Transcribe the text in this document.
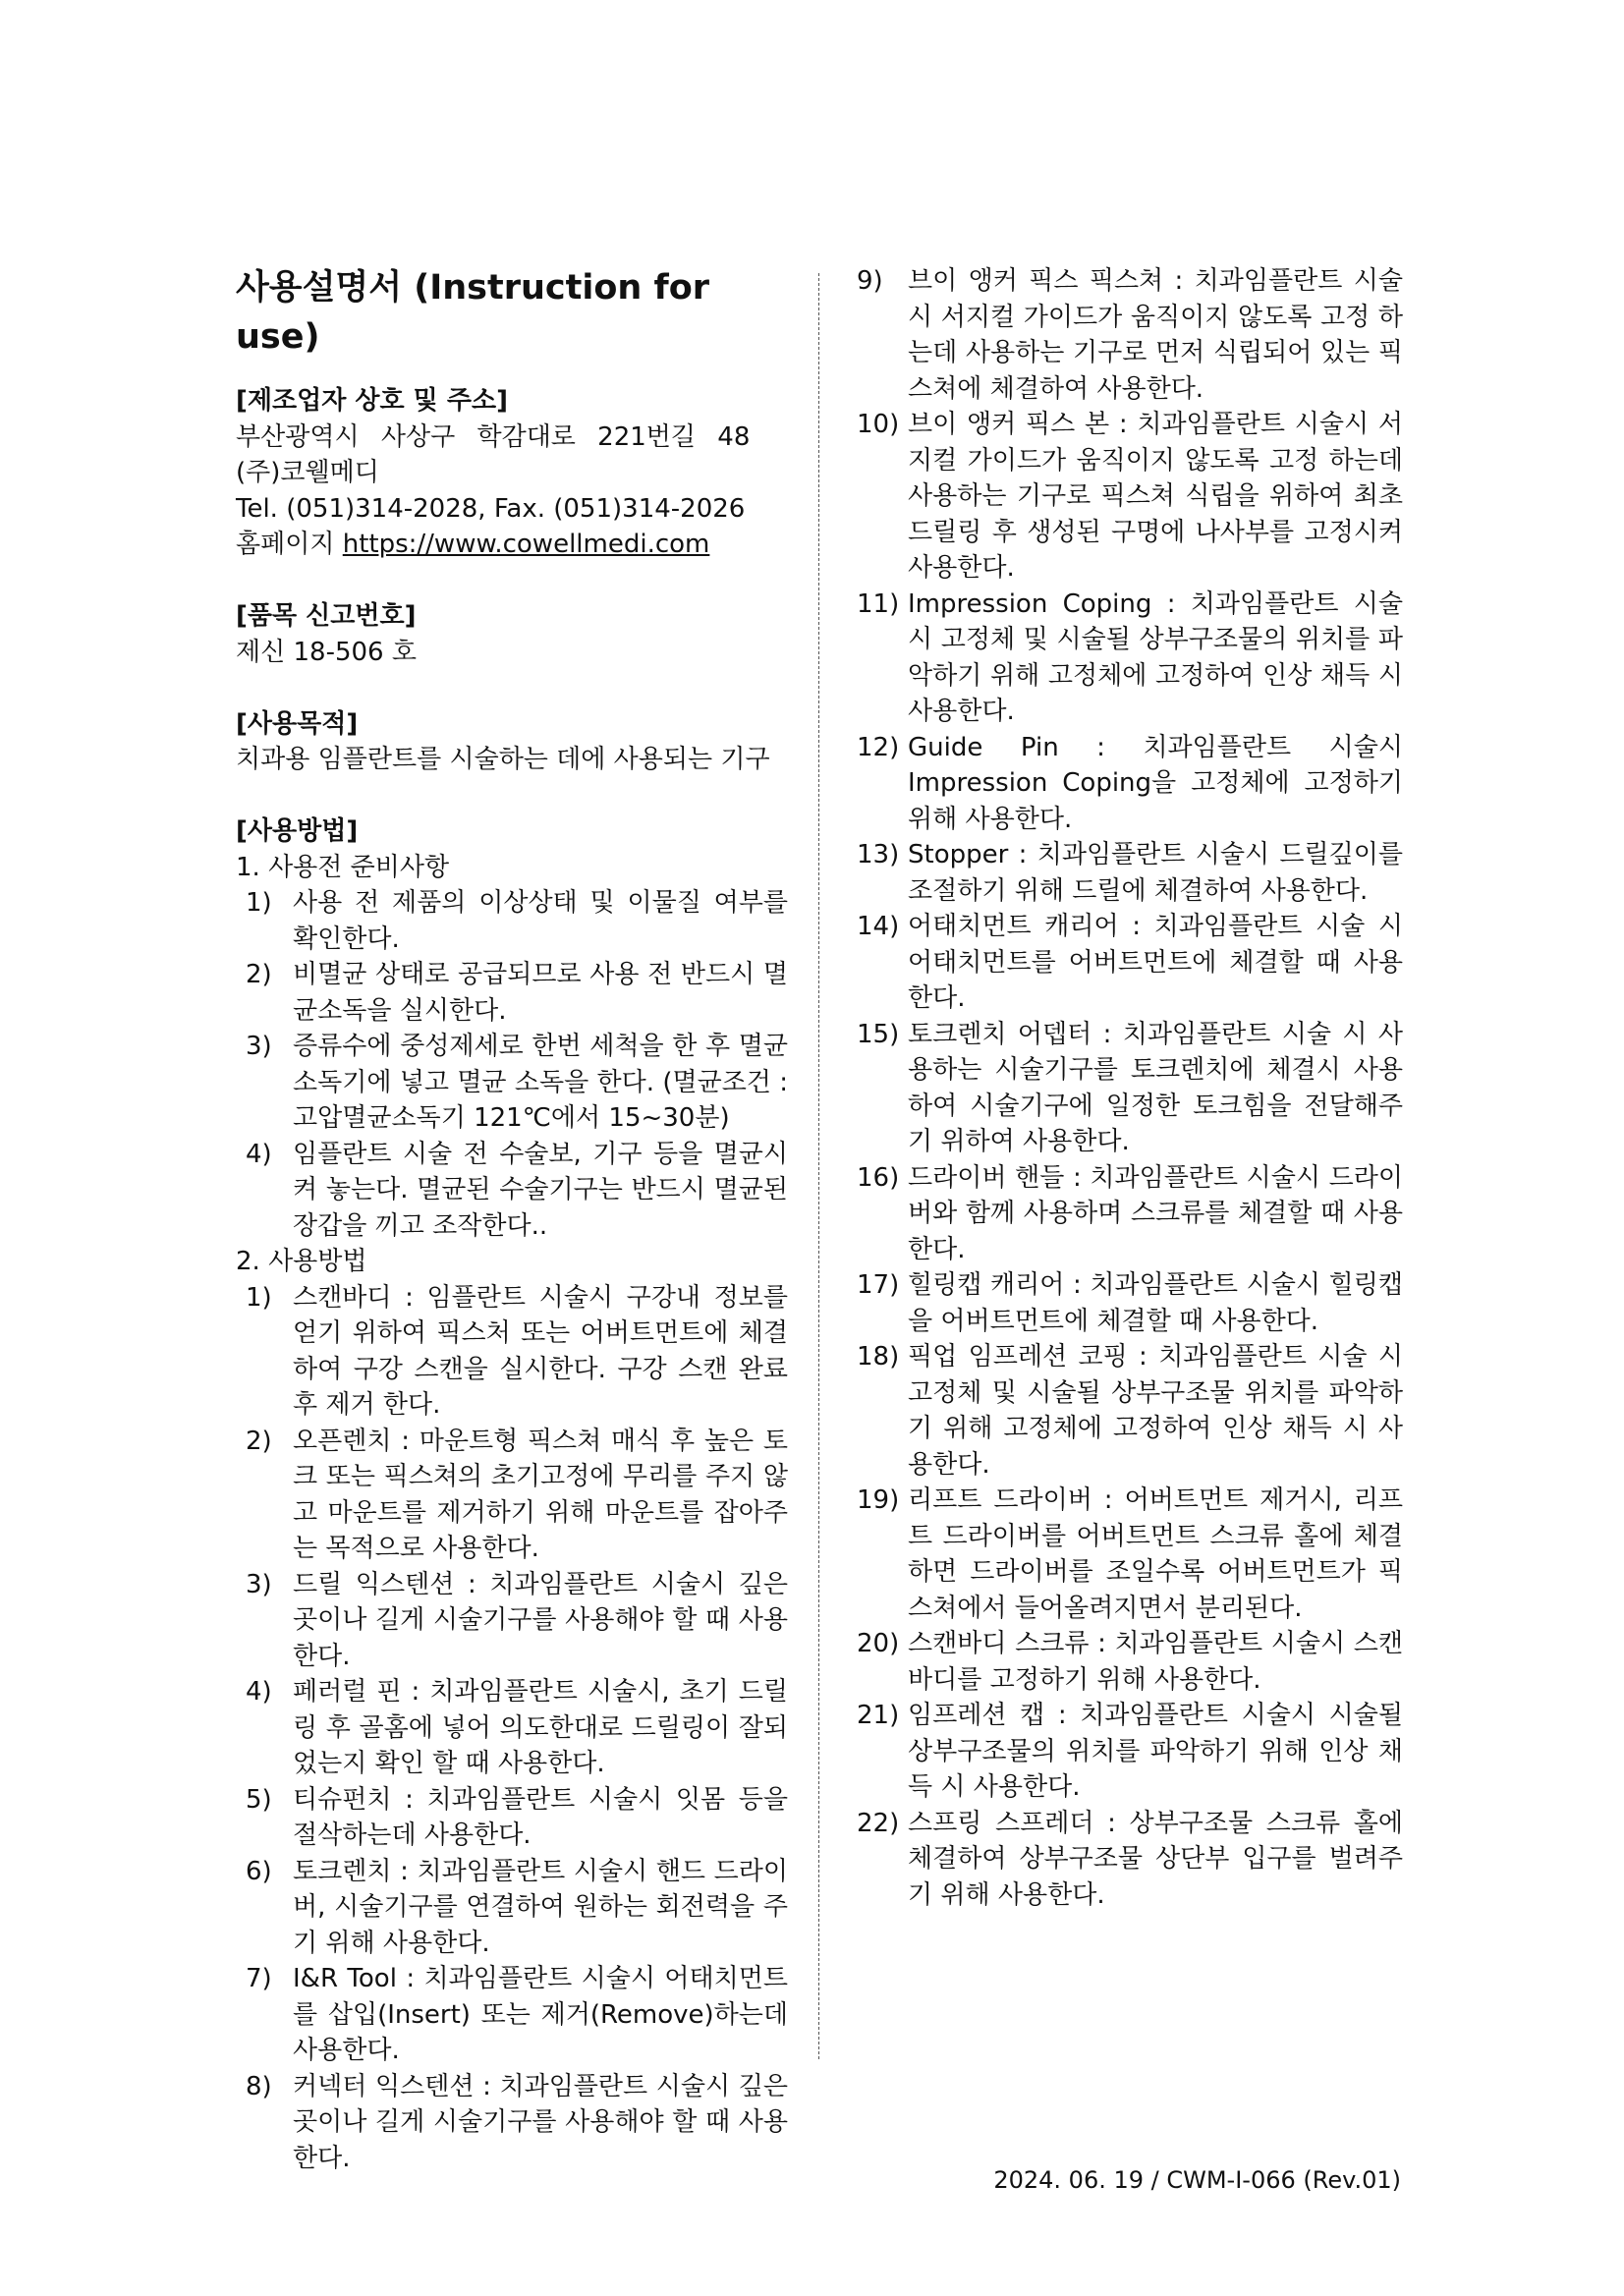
사용설명서 (Instruction for use)
[제조업자 상호 및 주소]
부산광역시 사상구 학감대로 221번길 48
(주)코웰메디
Tel. (051)314-2028, Fax. (051)314-2026
홈페이지 https://www.cowellmedi.com
[품목 신고번호]
제신 18-506 호
[사용목적]
치과용 임플란트를 시술하는 데에 사용되는 기구
[사용방법]
1. 사용전 준비사항
1) 사용 전 제품의 이상상태 및 이물질 여부를 확인한다.
2) 비멸균 상태로 공급되므로 사용 전 반드시 멸균소독을 실시한다.
3) 증류수에 중성제세로 한번 세척을 한 후 멸균 소독기에 넣고 멸균 소독을 한다. (멸균조건 : 고압멸균소독기 121℃에서 15~30분)
4) 임플란트 시술 전 수술보, 기구 등을 멸균시켜 놓는다. 멸균된 수술기구는 반드시 멸균된 장갑을 끼고 조작한다..
2. 사용방법
1) 스캔바디 : 임플란트 시술시 구강내 정보를 얻기 위하여 픽스처 또는 어버트먼트에 체결하여 구강 스캔을 실시한다. 구강 스캔 완료 후 제거 한다.
2) 오픈렌치 : 마운트형 픽스쳐 매식 후 높은 토크 또는 픽스쳐의 초기고정에 무리를 주지 않고 마운트를 제거하기 위해 마운트를 잡아주는 목적으로 사용한다.
3) 드릴 익스텐션 : 치과임플란트 시술시 깊은 곳이나 길게 시술기구를 사용해야 할 때 사용한다.
4) 페러럴 핀 : 치과임플란트 시술시, 초기 드릴링 후 골홈에 넣어 의도한대로 드릴링이 잘되었는지 확인 할 때 사용한다.
5) 티슈펀치 : 치과임플란트 시술시 잇몸 등을 절삭하는데 사용한다.
6) 토크렌치 : 치과임플란트 시술시 핸드 드라이버, 시술기구를 연결하여 원하는 회전력을 주기 위해 사용한다.
7) I&R Tool : 치과임플란트 시술시 어태치먼트를 삽입(Insert) 또는 제거(Remove)하는데 사용한다.
8) 커넥터 익스텐션 : 치과임플란트 시술시 깊은 곳이나 길게 시술기구를 사용해야 할 때 사용한다.
9) 브이 앵커 픽스 픽스쳐 : 치과임플란트 시술시 서지컬 가이드가 움직이지 않도록 고정 하는데 사용하는 기구로 먼저 식립되어 있는 픽스쳐에 체결하여 사용한다.
10) 브이 앵커 픽스 본 : 치과임플란트 시술시 서지컬 가이드가 움직이지 않도록 고정 하는데 사용하는 기구로 픽스쳐 식립을 위하여 최초 드릴링 후 생성된 구명에 나사부를 고정시켜 사용한다.
11) Impression Coping : 치과임플란트 시술 시 고정체 및 시술될 상부구조물의 위치를 파악하기 위해 고정체에 고정하여 인상 채득 시 사용한다.
12) Guide Pin : 치과임플란트 시술시 Impression Coping을 고정체에 고정하기 위해 사용한다.
13) Stopper : 치과임플란트 시술시 드릴깊이를 조절하기 위해 드릴에 체결하여 사용한다.
14) 어태치먼트 캐리어 : 치과임플란트 시술 시 어태치먼트를 어버트먼트에 체결할 때 사용한다.
15) 토크렌치 어뎁터 : 치과임플란트 시술 시 사용하는 시술기구를 토크렌치에 체결시 사용하여 시술기구에 일정한 토크힘을 전달해주기 위하여 사용한다.
16) 드라이버 핸들 : 치과임플란트 시술시 드라이버와 함께 사용하며 스크류를 체결할 때 사용한다.
17) 힐링캡 캐리어 : 치과임플란트 시술시 힐링캡을 어버트먼트에 체결할 때 사용한다.
18) 픽업 임프레션 코핑 : 치과임플란트 시술 시 고정체 및 시술될 상부구조물 위치를 파악하기 위해 고정체에 고정하여 인상 채득 시 사용한다.
19) 리프트 드라이버 : 어버트먼트 제거시, 리프트 드라이버를 어버트먼트 스크류 홀에 체결하면 드라이버를 조일수록 어버트먼트가 픽스쳐에서 들어올려지면서 분리된다.
20) 스캔바디 스크류 : 치과임플란트 시술시 스캔바디를 고정하기 위해 사용한다.
21) 임프레션 캡 : 치과임플란트 시술시 시술될 상부구조물의 위치를 파악하기 위해 인상 채득 시 사용한다.
22) 스프링 스프레더 : 상부구조물 스크류 홀에 체결하여 상부구조물 상단부 입구를 벌려주기 위해 사용한다.
2024. 06. 19 / CWM-I-066 (Rev.01)
